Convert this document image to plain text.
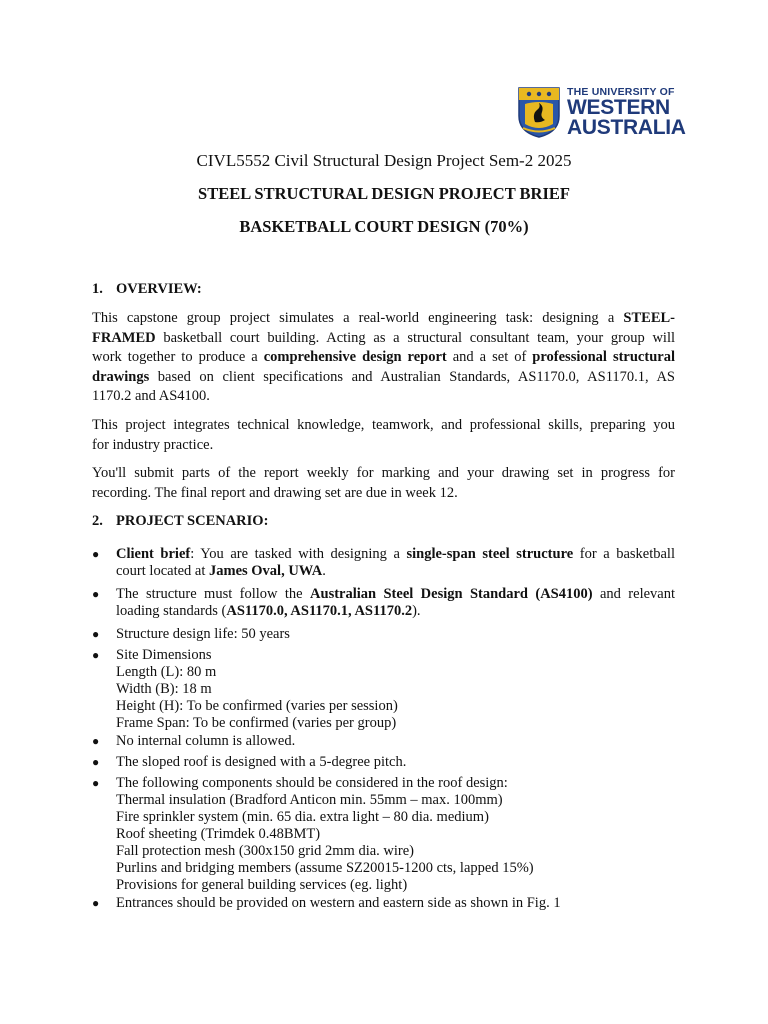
THE UNIVERSITY OF
WESTERN
AUSTRALIA
CIVL5552 Civil Structural Design Project Sem-2 2025
STEEL STRUCTURAL DESIGN PROJECT BRIEF
BASKETBALL COURT DESIGN (70%)
1. OVERVIEW:
This capstone group project simulates a real-world engineering task: designing a STEEL-
FRAMED basketball court building. Acting as a structural consultant team, your group will
work together to produce a comprehensive design report and a set of professional structural
drawings based on client specifications and Australian Standards, AS1170.0, AS1170.1, AS
1170.2 and AS4100.
This project integrates technical knowledge, teamwork, and professional skills, preparing you
for industry practice.
You'll submit parts of the report weekly for marking and your drawing set in progress for
recording. The final report and drawing set are due in week 12.
2. PROJECT SCENARIO:
● Client brief: You are tasked with designing a single-span steel structure for a basketball
court located at James Oval, UWA.
● The structure must follow the Australian Steel Design Standard (AS4100) and relevant
loading standards (AS1170.0, AS1170.1, AS1170.2).
● Structure design life: 50 years
● Site Dimensions
Length (L): 80 m
Width (B): 18 m
Height (H): To be confirmed (varies per session)
Frame Span: To be confirmed (varies per group)
● No internal column is allowed.
● The sloped roof is designed with a 5-degree pitch.
● The following components should be considered in the roof design:
Thermal insulation (Bradford Anticon min. 55mm – max. 100mm)
Fire sprinkler system (min. 65 dia. extra light – 80 dia. medium)
Roof sheeting (Trimdek 0.48BMT)
Fall protection mesh (300x150 grid 2mm dia. wire)
Purlins and bridging members (assume SZ20015-1200 cts, lapped 15%)
Provisions for general building services (eg. light)
● Entrances should be provided on western and eastern side as shown in Fig. 1
